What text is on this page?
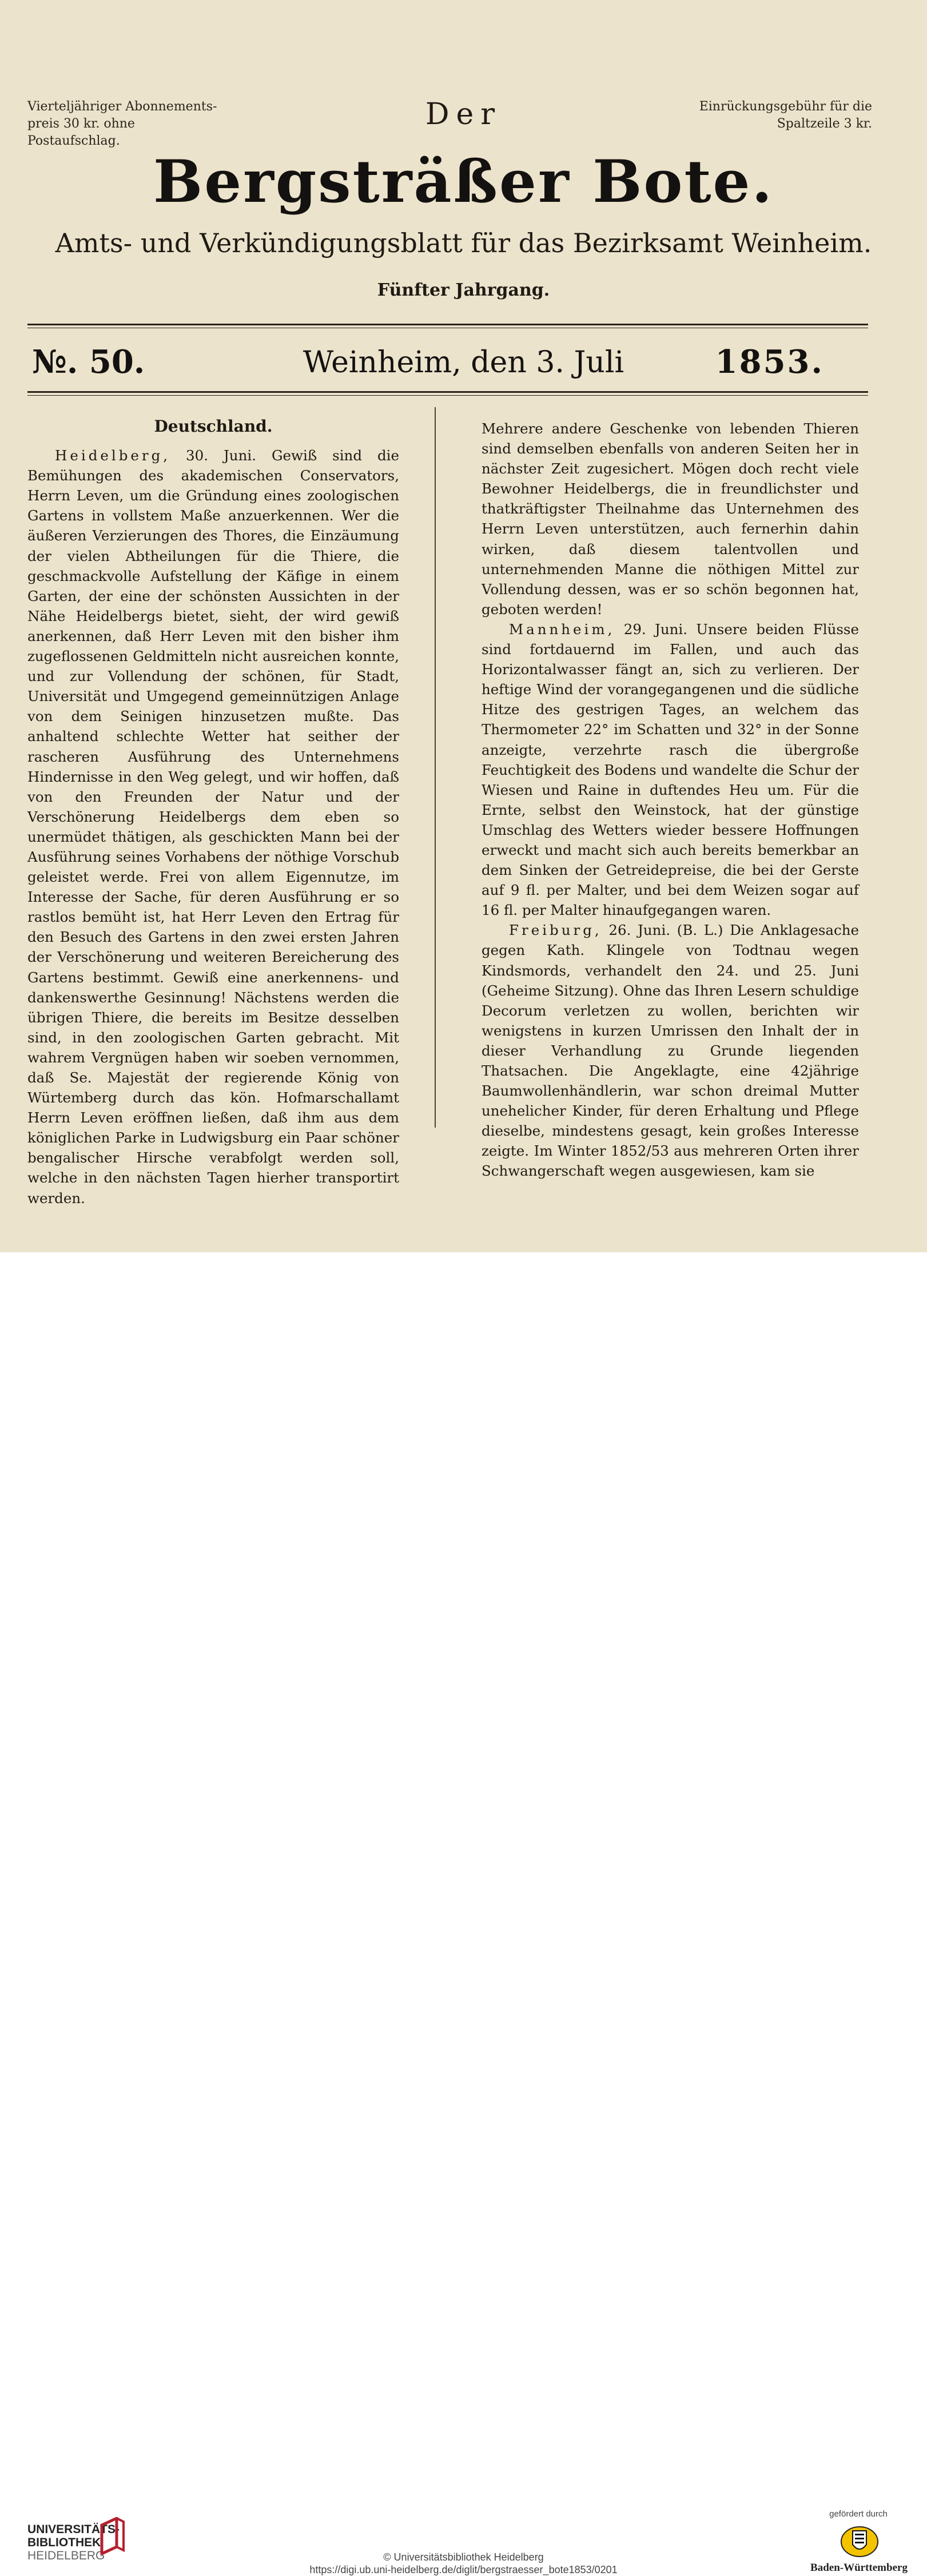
Vierteljähriger Abonnements-
preis 30 kr. ohne Postaufschlag.
Der	Einrückungsgebühr für die
Spaltzeile 3 kr.
Bergsträßer Bote.
Amts- und Verkündigungsblatt für das Bezirksamt Weinheim.
Fünfter Jahrgang.
№. 50.	Weinheim, den 3. Juli	1853.
Deutschland.

Heidelberg, 30. Juni. Gewiß sind die Bemühungen des akademischen Conservators, Herrn Leven, um die Gründung eines zoologischen Gartens in vollstem Maße anzuerkennen. Wer die äußeren Verzierungen des Thores, die Einzäumung der vielen Abtheilungen für die Thiere, die geschmackvolle Aufstellung der Käfige in einem Garten, der eine der schönsten Aussichten in der Nähe Heidelbergs bietet, sieht, der wird gewiß anerkennen, daß Herr Leven mit den bisher ihm zugeflossenen Geldmitteln nicht ausreichen konnte, und zur Vollendung der schönen, für Stadt, Universität und Umgegend gemeinnützigen Anlage von dem Seinigen hinzusetzen mußte. Das anhaltend schlechte Wetter hat seither der rascheren Ausführung des Unternehmens Hindernisse in den Weg gelegt, und wir hoffen, daß von den Freunden der Natur und der Verschönerung Heidelbergs dem eben so unermüdet thätigen, als geschickten Mann bei der Ausführung seines Vorhabens der nöthige Vorschub geleistet werde. Frei von allem Eigennutze, im Interesse der Sache, für deren Ausführung er so rastlos bemüht ist, hat Herr Leven den Ertrag für den Besuch des Gartens in den zwei ersten Jahren der Verschönerung und weiteren Bereicherung des Gartens bestimmt. Gewiß eine anerkennens- und dankenswerthe Gesinnung! Nächstens werden die übrigen Thiere, die bereits im Besitze desselben sind, in den zoologischen Garten gebracht. Mit wahrem Vergnügen haben wir soeben vernommen, daß Se. Majestät der regierende König von Würtemberg durch das kön. Hofmarschallamt Herrn Leven eröffnen ließen, daß ihm aus dem königlichen Parke in Ludwigsburg ein Paar schöner bengalischer Hirsche verabfolgt werden soll, welche in den nächsten Tagen hierher transportirt werden.

Mehrere andere Geschenke von lebenden Thieren sind demselben ebenfalls von anderen Seiten her in nächster Zeit zugesichert. Mögen doch recht viele Bewohner Heidelbergs, die in freundlichster und thatkräftigster Theilnahme das Unternehmen des Herrn Leven unterstützen, auch fernerhin dahin wirken, daß diesem talentvollen und unternehmenden Manne die nöthigen Mittel zur Vollendung dessen, was er so schön begonnen hat, geboten werden!

Mannheim, 29. Juni. Unsere beiden Flüsse sind fortdauernd im Fallen, und auch das Horizontalwasser fängt an, sich zu verlieren. Der heftige Wind der vorangegangenen und die südliche Hitze des gestrigen Tages, an welchem das Thermometer 22° im Schatten und 32° in der Sonne anzeigte, verzehrte rasch die übergroße Feuchtigkeit des Bodens und wandelte die Schur der Wiesen und Raine in duftendes Heu um. Für die Ernte, selbst den Weinstock, hat der günstige Umschlag des Wetters wieder bessere Hoffnungen erweckt und macht sich auch bereits bemerkbar an dem Sinken der Getreidepreise, die bei der Gerste auf 9 fl. per Malter, und bei dem Weizen sogar auf 16 fl. per Malter hinaufgegangen waren.

Freiburg, 26. Juni. (B. L.) Die Anklagesache gegen Kath. Klingele von Todtnau wegen Kindsmords, verhandelt den 24. und 25. Juni (Geheime Sitzung). Ohne das Ihren Lesern schuldige Decorum verletzen zu wollen, berichten wir wenigstens in kurzen Umrissen den Inhalt der in dieser Verhandlung zu Grunde liegenden Thatsachen. Die Angeklagte, eine 42jährige Baumwollenhändlerin, war schon dreimal Mutter unehelicher Kinder, für deren Erhaltung und Pflege dieselbe, mindestens gesagt, kein großes Interesse zeigte. Im Winter 1852/53 aus mehreren Orten ihrer Schwangerschaft wegen ausgewiesen, kam sie

UNIVERSITÄTS-
BIBLIOTHEK
HEIDELBERG	© Universitätsbibliothek Heidelberg
https://digi.ub.uni-heidelberg.de/diglit/bergstraesser_bote1853/0201
gefördert durch
Baden-Württemberg
